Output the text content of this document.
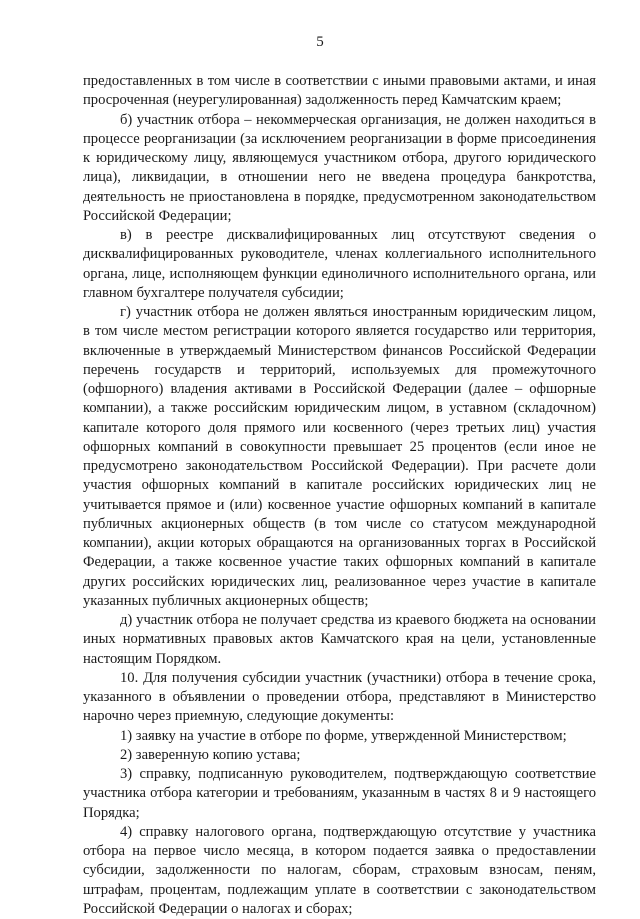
5

предоставленных в том числе в соответствии с иными правовыми актами, и иная просроченная (неурегулированная) задолженность перед Камчатским краем;

б) участник отбора – некоммерческая организация, не должен находиться в процессе реорганизации (за исключением реорганизации в форме присоединения к юридическому лицу, являющемуся участником отбора, другого юридического лица), ликвидации, в отношении него не введена процедура банкротства, деятельность не приостановлена в порядке, предусмотренном законодательством Российской Федерации;

в) в реестре дисквалифицированных лиц отсутствуют сведения о дисквалифицированных руководителе, членах коллегиального исполнительного органа, лице, исполняющем функции единоличного исполнительного органа, или главном бухгалтере получателя субсидии;

г) участник отбора не должен являться иностранным юридическим лицом, в том числе местом регистрации которого является государство или территория, включенные в утверждаемый Министерством финансов Российской Федерации перечень государств и территорий, используемых для промежуточного (офшорного) владения активами в Российской Федерации (далее – офшорные компании), а также российским юридическим лицом, в уставном (складочном) капитале которого доля прямого или косвенного (через третьих лиц) участия офшорных компаний в совокупности превышает 25 процентов (если иное не предусмотрено законодательством Российской Федерации). При расчете доли участия офшорных компаний в капитале российских юридических лиц не учитывается прямое и (или) косвенное участие офшорных компаний в капитале публичных акционерных обществ (в том числе со статусом международной компании), акции которых обращаются на организованных торгах в Российской Федерации, а также косвенное участие таких офшорных компаний в капитале других российских юридических лиц, реализованное через участие в капитале указанных публичных акционерных обществ;

д) участник отбора не получает средства из краевого бюджета на основании иных нормативных правовых актов Камчатского края на цели, установленные настоящим Порядком.

10. Для получения субсидии участник (участники) отбора в течение срока, указанного в объявлении о проведении отбора, представляют в Министерство нарочно через приемную, следующие документы:

1) заявку на участие в отборе по форме, утвержденной Министерством;

2) заверенную копию устава;

3) справку, подписанную руководителем, подтверждающую соответствие участника отбора категории и требованиям, указанным в частях 8 и 9 настоящего Порядка;

4) справку налогового органа, подтверждающую отсутствие у участника отбора на первое число месяца, в котором подается заявка о предоставлении субсидии, задолженности по налогам, сборам, страховым взносам, пеням, штрафам, процентам, подлежащим уплате в соответствии с законодательством Российской Федерации о налогах и сборах;
